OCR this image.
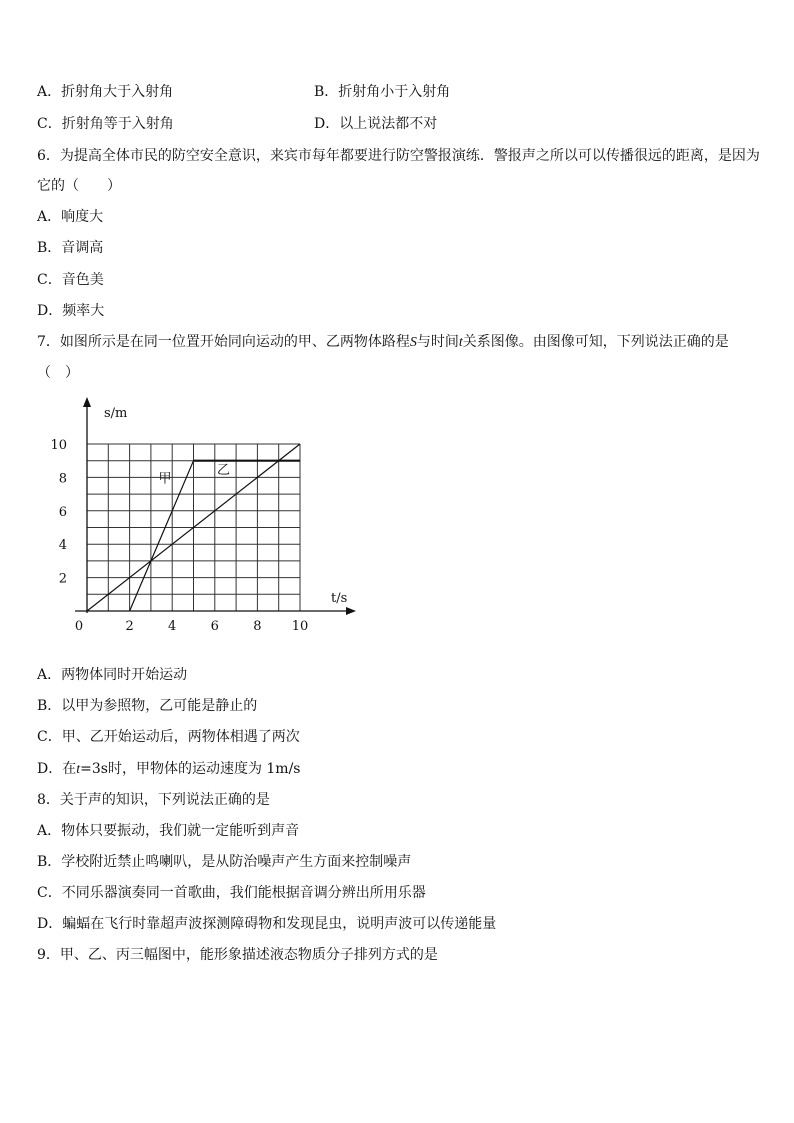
A．折射角大于入射角	B．折射角小于入射角
C．折射角等于入射角	D．以上说法都不对
6．为提高全体市民的防空安全意识，来宾市每年都要进行防空警报演练．警报声之所以可以传播很远的距离，是因为
它的（　　）
A．响度大
B．音调高
C．音色美
D．频率大
7．如图所示是在同一位置开始同向运动的甲、乙两物体路程S与时间t关系图像。由图像可知，下列说法正确的是
（　）
0	2	4	6	8 10
2
4
6
8
10
t/s
s/m
甲
乙
A．两物体同时开始运动
B．以甲为参照物，乙可能是静止的
C．甲、乙开始运动后，两物体相遇了两次
D．在t=3s时，甲物体的运动速度为 1m/s
8．关于声的知识，下列说法正确的是
A．物体只要振动，我们就一定能听到声音
B．学校附近禁止鸣喇叭，是从防治噪声产生方面来控制噪声
C．不同乐器演奏同一首歌曲，我们能根据音调分辨出所用乐器
D．蝙蝠在飞行时靠超声波探测障碍物和发现昆虫，说明声波可以传递能量
9．甲、乙、丙三幅图中，能形象描述液态物质分子排列方式的是
